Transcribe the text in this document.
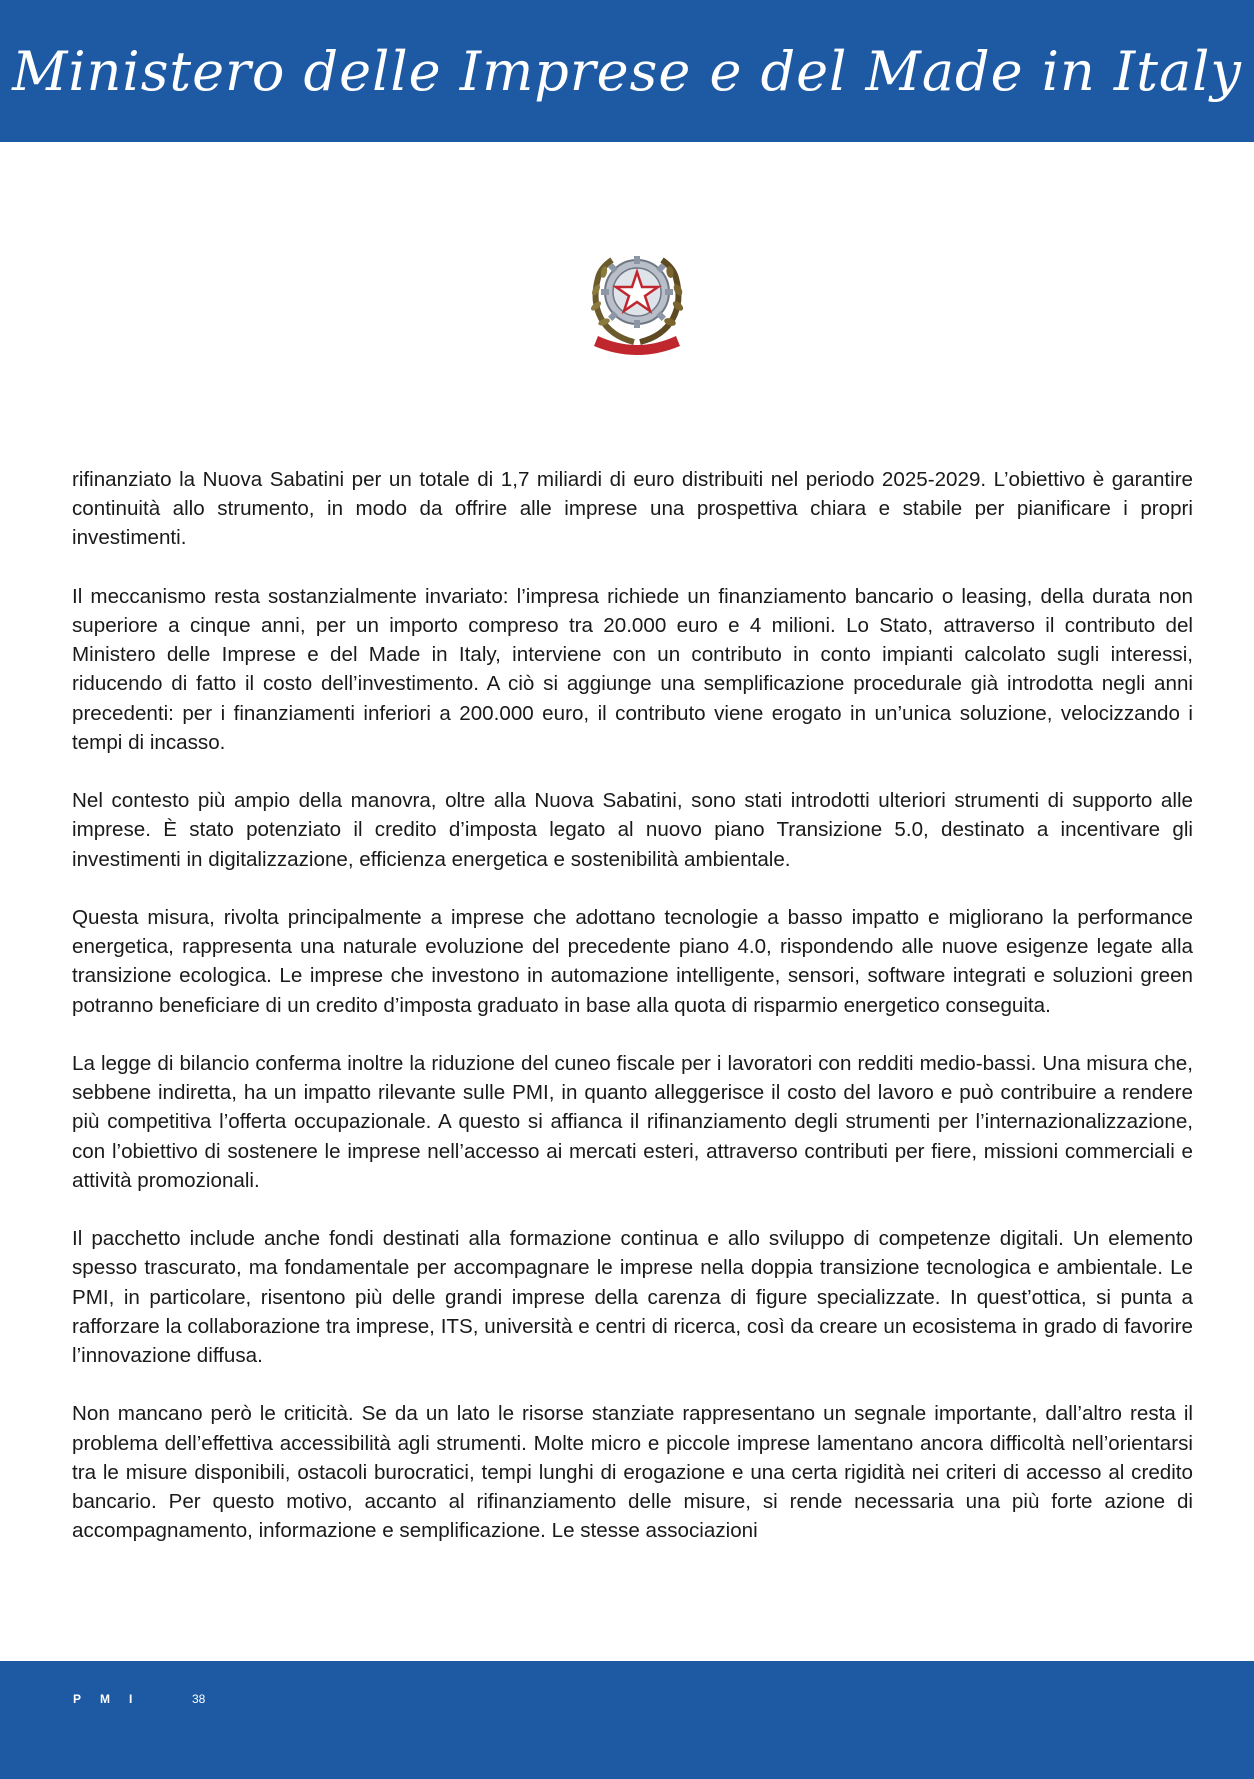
Ministero delle Imprese e del Made in Italy

rifinanziato la Nuova Sabatini per un totale di 1,7 miliardi di euro distribuiti nel periodo 2025-2029. L’obiettivo è garantire continuità allo strumento, in modo da offrire alle imprese una prospettiva chiara e stabile per pianificare i propri investimenti.

Il meccanismo resta sostanzialmente invariato: l’impresa richiede un finanziamento bancario o leasing, della durata non superiore a cinque anni, per un importo compreso tra 20.000 euro e 4 milioni. Lo Stato, attraverso il contributo del Ministero delle Imprese e del Made in Italy, interviene con un contributo in conto impianti calcolato sugli interessi, riducendo di fatto il costo dell’investimento. A ciò si aggiunge una semplificazione procedurale già introdotta negli anni precedenti: per i finanziamenti inferiori a 200.000 euro, il contributo viene erogato in un’unica soluzione, velocizzando i tempi di incasso.

Nel contesto più ampio della manovra, oltre alla Nuova Sabatini, sono stati introdotti ulteriori strumenti di supporto alle imprese. È stato potenziato il credito d’imposta legato al nuovo piano Transizione 5.0, destinato a incentivare gli investimenti in digitalizzazione, efficienza energetica e sostenibilità ambientale.

Questa misura, rivolta principalmente a imprese che adottano tecnologie a basso impatto e migliorano la performance energetica, rappresenta una naturale evoluzione del precedente piano 4.0, rispondendo alle nuove esigenze legate alla transizione ecologica. Le imprese che investono in automazione intelligente, sensori, software integrati e soluzioni green potranno beneficiare di un credito d’imposta graduato in base alla quota di risparmio energetico conseguita.

La legge di bilancio conferma inoltre la riduzione del cuneo fiscale per i lavoratori con redditi medio-bassi. Una misura che, sebbene indiretta, ha un impatto rilevante sulle PMI, in quanto alleggerisce il costo del lavoro e può contribuire a rendere più competitiva l’offerta occupazionale. A questo si affianca il rifinanziamento degli strumenti per l’internazionalizzazione, con l’obiettivo di sostenere le imprese nell’accesso ai mercati esteri, attraverso contributi per fiere, missioni commerciali e attività promozionali.

Il pacchetto include anche fondi destinati alla formazione continua e allo sviluppo di competenze digitali. Un elemento spesso trascurato, ma fondamentale per accompagnare le imprese nella doppia transizione tecnologica e ambientale. Le PMI, in particolare, risentono più delle grandi imprese della carenza di figure specializzate. In quest’ottica, si punta a rafforzare la collaborazione tra imprese, ITS, università e centri di ricerca, così da creare un ecosistema in grado di favorire l’innovazione diffusa.

Non mancano però le criticità. Se da un lato le risorse stanziate rappresentano un segnale importante, dall’altro resta il problema dell’effettiva accessibilità agli strumenti. Molte micro e piccole imprese lamentano ancora difficoltà nell’orientarsi tra le misure disponibili, ostacoli burocratici, tempi lunghi di erogazione e una certa rigidità nei criteri di accesso al credito bancario. Per questo motivo, accanto al rifinanziamento delle misure, si rende necessaria una più forte azione di accompagnamento, informazione e semplificazione. Le stesse associazioni

PMI	38
